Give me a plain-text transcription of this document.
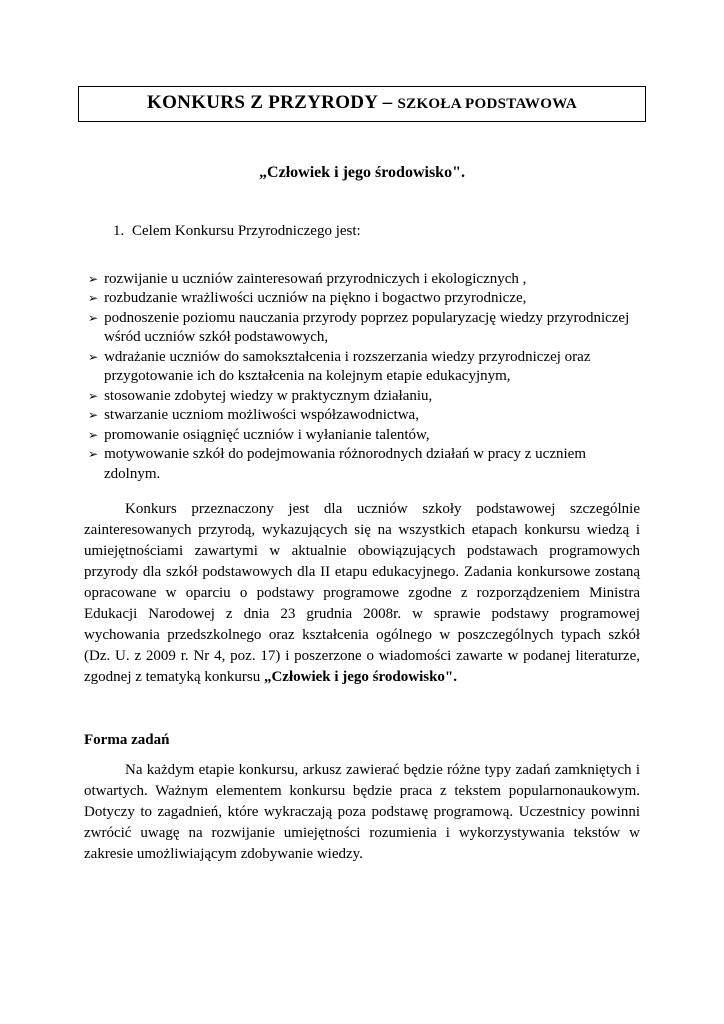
KONKURS Z PRZYRODY – SZKOŁA PODSTAWOWA
„Człowiek i jego środowisko".
1. Celem Konkursu Przyrodniczego jest:
➢ rozwijanie u uczniów zainteresowań przyrodniczych i ekologicznych ,
➢ rozbudzanie wrażliwości uczniów na piękno i bogactwo przyrodnicze,
➢ podnoszenie poziomu nauczania przyrody poprzez popularyzację wiedzy przyrodniczej wśród uczniów szkół podstawowych,
➢ wdrażanie uczniów do samokształcenia i rozszerzania wiedzy przyrodniczej oraz przygotowanie ich do kształcenia na kolejnym etapie edukacyjnym,
➢ stosowanie zdobytej wiedzy w praktycznym działaniu,
➢ stwarzanie uczniom możliwości współzawodnictwa,
➢ promowanie osiągnięć uczniów i wyłanianie talentów,
➢ motywowanie szkół do podejmowania różnorodnych działań w pracy z uczniem zdolnym.

Konkurs przeznaczony jest dla uczniów szkoły podstawowej szczególnie zainteresowanych przyrodą, wykazujących się na wszystkich etapach konkursu wiedzą i umiejętnościami zawartymi w aktualnie obowiązujących podstawach programowych przyrody dla szkół podstawowych dla II etapu edukacyjnego. Zadania konkursowe zostaną opracowane w oparciu o podstawy programowe zgodne z rozporządzeniem Ministra Edukacji Narodowej z dnia 23 grudnia 2008r. w sprawie podstawy programowej wychowania przedszkolnego oraz kształcenia ogólnego w poszczególnych typach szkół (Dz. U. z 2009 r. Nr 4, poz. 17) i poszerzone o wiadomości zawarte w podanej literaturze, zgodnej z tematyką konkursu „Człowiek i jego środowisko".

Forma zadań

Na każdym etapie konkursu, arkusz zawierać będzie różne typy zadań zamkniętych i otwartych. Ważnym elementem konkursu będzie praca z tekstem popularnonaukowym. Dotyczy to zagadnień, które wykraczają poza podstawę programową. Uczestnicy powinni zwrócić uwagę na rozwijanie umiejętności rozumienia i wykorzystywania tekstów w zakresie umożliwiającym zdobywanie wiedzy.
